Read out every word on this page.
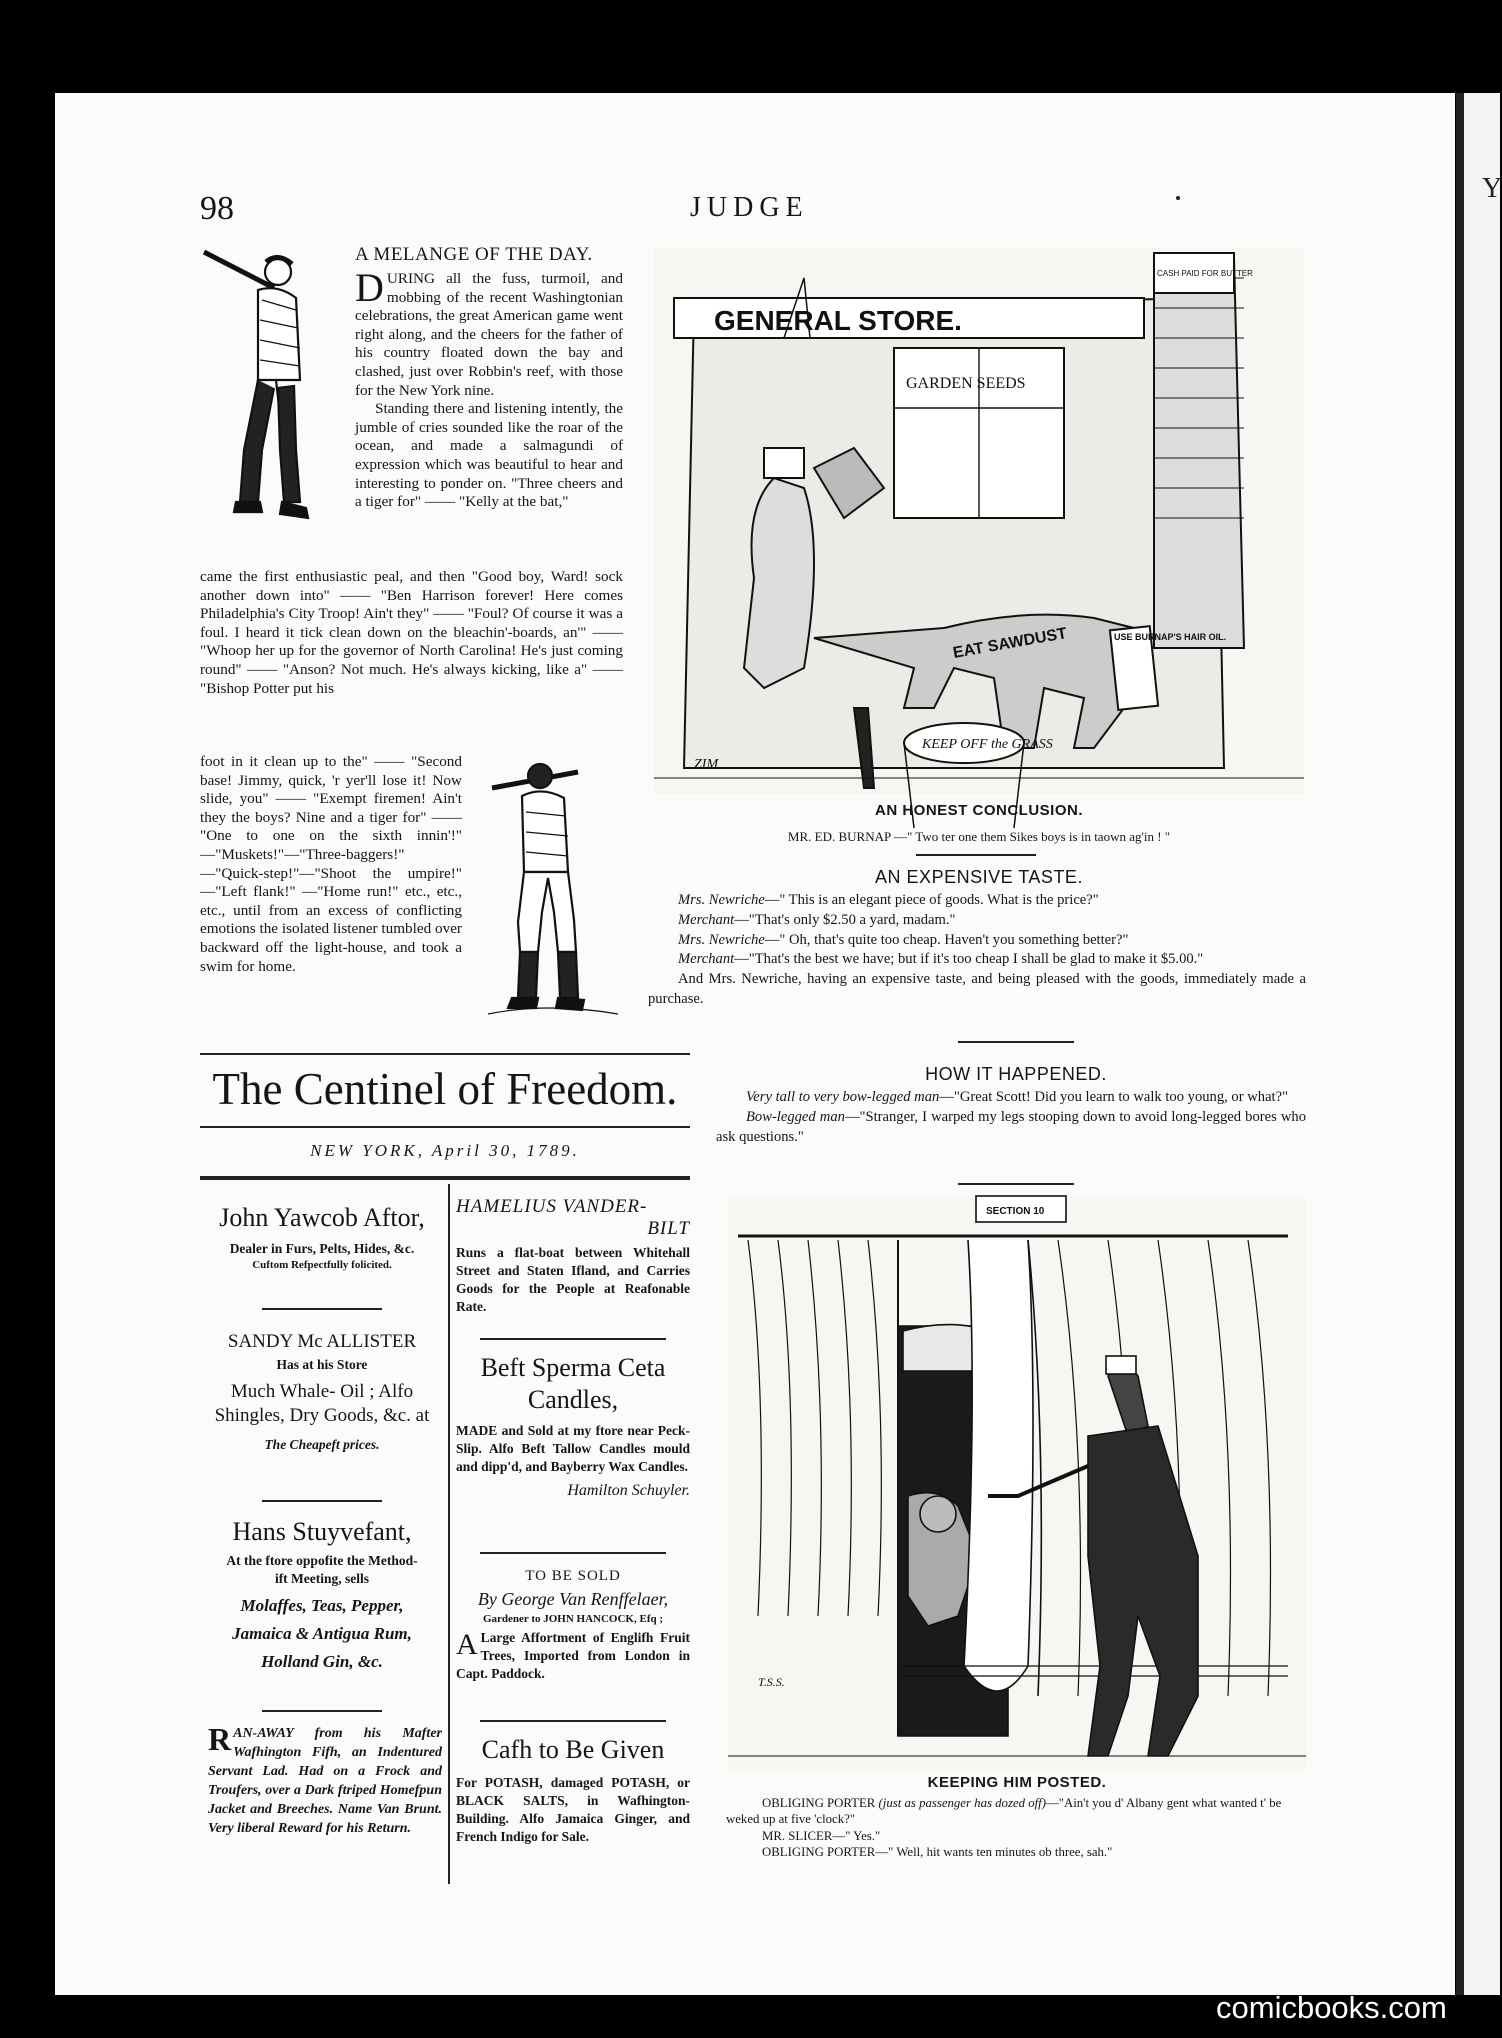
Y
98	JUDGE
A MELANGE OF THE DAY.
D URING all the fuss, turmoil, and mobbing of the recent Washingtonian celebrations, the great American game went right along, and the cheers for the father of his country floated down the bay and clashed, just over Robbin's reef, with those for the New York nine.

Standing there and listening intently, the jumble of cries sounded like the roar of the ocean, and made a salmagundi of expression which was beautiful to hear and interesting to ponder on. "Three cheers and a tiger for" —— "Kelly at the bat,"

came the first enthusiastic peal, and then "Good boy, Ward! sock another down into" —— "Ben Harrison forever! Here comes Philadelphia's City Troop! Ain't they" —— "Foul? Of course it was a foul. I heard it tick clean down on the bleachin'-boards, an'" —— "Whoop her up for the governor of North Carolina! He's just coming round" —— "Anson? Not much. He's always kicking, like a" —— "Bishop Potter put his

foot in it clean up to the" —— "Second base! Jimmy, quick, 'r yer'll lose it! Now slide, you" —— "Exempt firemen! Ain't they the boys? Nine and a tiger for" —— "One to one on the sixth innin'!" —"Muskets!"—"Three-baggers!" —"Quick-step!"—"Shoot the umpire!" —"Left flank!" —"Home run!" etc., etc., etc., until from an excess of conflicting emotions the isolated listener tumbled over backward off the light-house, and took a swim for home.

The Centinel of Freedom.
NEW YORK, April 30, 1789.
John Yawcob Aftor,
Dealer in Furs, Pelts, Hides, &c.
Cuftom Refpectfully folicited.
SANDY Mc ALLISTER
Has at his Store
Much Whale- Oil ; Alfo
Shingles, Dry Goods, &c. at
The Cheapeft prices.
Hans Stuyvefant,
At the ftore oppofite the Method-
ift Meeting, sells
Molaffes, Teas, Pepper,
Jamaica & Antigua Rum,
Holland Gin, &c.
R AN-AWAY from his Mafter Wafhington Fifh, an Indentured Servant Lad. Had on a Frock and Troufers, over a Dark ftriped Homefpun Jacket and Breeches. Name Van Brunt. Very liberal Reward for his Return.
HAMELIUS VANDER-
BILT
Runs a flat-boat between Whitehall Street and Staten Ifland, and Carries Goods for the People at Reafonable Rate.
Beft Sperma Ceta
Candles,
MADE and Sold at my ftore near Peck-Slip. Alfo Beft Tallow Candles mould and dipp'd, and Bayberry Wax Candles.
Hamilton Schuyler.
TO BE SOLD
By George Van Renffelaer,
Gardener to JOHN HANCOCK, Efq ;
A Large Affortment of Englifh Fruit Trees, Imported from London in Capt. Paddock.
Cafh to Be Given
For POTASH, damaged POTASH, or BLACK SALTS, in Wafhington-Building. Alfo Jamaica Ginger, and French Indigo for Sale.
GENERAL STORE.
GARDEN SEEDS
CASH PAID FOR BUTTER
EAT SAWDUST	USE BURNAP'S HAIR OIL.
KEEP OFF the GRASS
ZIM
AN HONEST CONCLUSION.
MR. ED. BURNAP —" Two ter one them Sikes boys is in taown ag'in ! "
AN EXPENSIVE TASTE.

Mrs. Newriche—" This is an elegant piece of goods. What is the price?"

Merchant—"That's only $2.50 a yard, madam."

Mrs. Newriche—" Oh, that's quite too cheap. Haven't you something better?"

Merchant—"That's the best we have; but if it's too cheap I shall be glad to make it $5.00."

And Mrs. Newriche, having an expensive taste, and being pleased with the goods, immediately made a purchase.

HOW IT HAPPENED.

Very tall to very bow-legged man—"Great Scott! Did you learn to walk too young, or what?"

Bow-legged man—"Stranger, I warped my legs stooping down to avoid long-legged bores who ask questions."

SECTION 10
T.S.S.
KEEPING HIM POSTED.
OBLIGING PORTER (just as passenger has dozed off)—"Ain't you d' Albany gent what wanted t' be weked up at five 'clock?"
MR. SLICER—" Yes."
OBLIGING PORTER—" Well, hit wants ten minutes ob three, sah."
comicbooks.com
